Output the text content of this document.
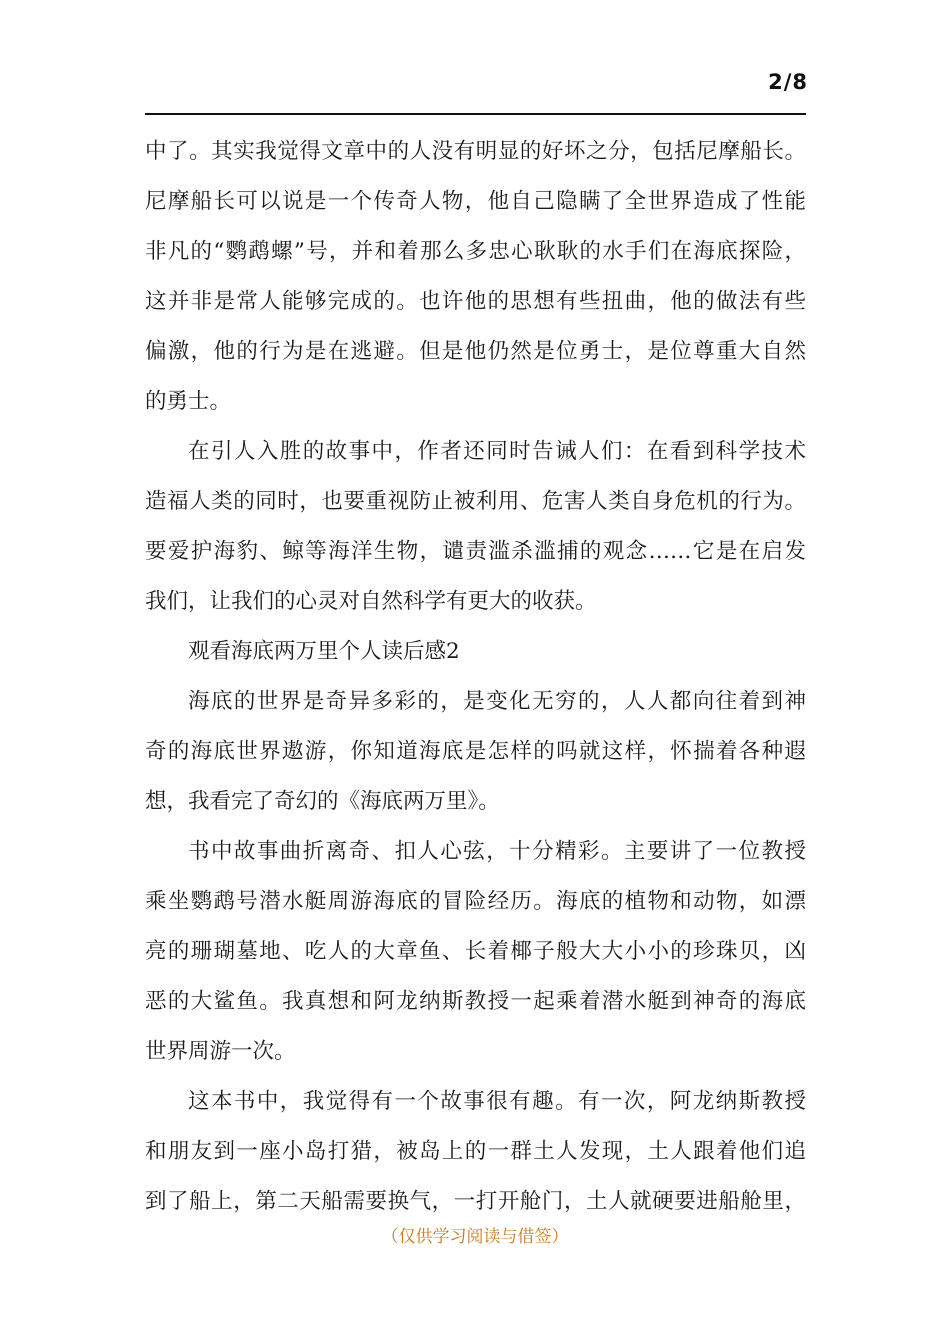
2/8
中了。其实我觉得文章中的人没有明显的好坏之分，包括尼摩船长。
尼摩船长可以说是一个传奇人物，他自己隐瞒了全世界造成了性能
非凡的“鹦鹉螺”号，并和着那么多忠心耿耿的水手们在海底探险，
这并非是常人能够完成的。也许他的思想有些扭曲，他的做法有些
偏激，他的行为是在逃避。但是他仍然是位勇士，是位尊重大自然
的勇士。
在引人入胜的故事中，作者还同时告诫人们：在看到科学技术
造福人类的同时，也要重视防止被利用、危害人类自身危机的行为。
要爱护海豹、鲸等海洋生物，谴责滥杀滥捕的观念……它是在启发
我们，让我们的心灵对自然科学有更大的收获。
观看海底两万里个人读后感2
海底的世界是奇异多彩的，是变化无穷的，人人都向往着到神
奇的海底世界遨游，你知道海底是怎样的吗就这样，怀揣着各种遐
想，我看完了奇幻的《海底两万里》。
书中故事曲折离奇、扣人心弦，十分精彩。主要讲了一位教授
乘坐鹦鹉号潜水艇周游海底的冒险经历。海底的植物和动物，如漂
亮的珊瑚墓地、吃人的大章鱼、长着椰子般大大小小的珍珠贝，凶
恶的大鲨鱼。我真想和阿龙纳斯教授一起乘着潜水艇到神奇的海底
世界周游一次。
这本书中，我觉得有一个故事很有趣。有一次，阿龙纳斯教授
和朋友到一座小岛打猎，被岛上的一群土人发现，土人跟着他们追
到了船上，第二天船需要换气，一打开舱门，土人就硬要进船舱里，
（仅供学习阅读与借签）
